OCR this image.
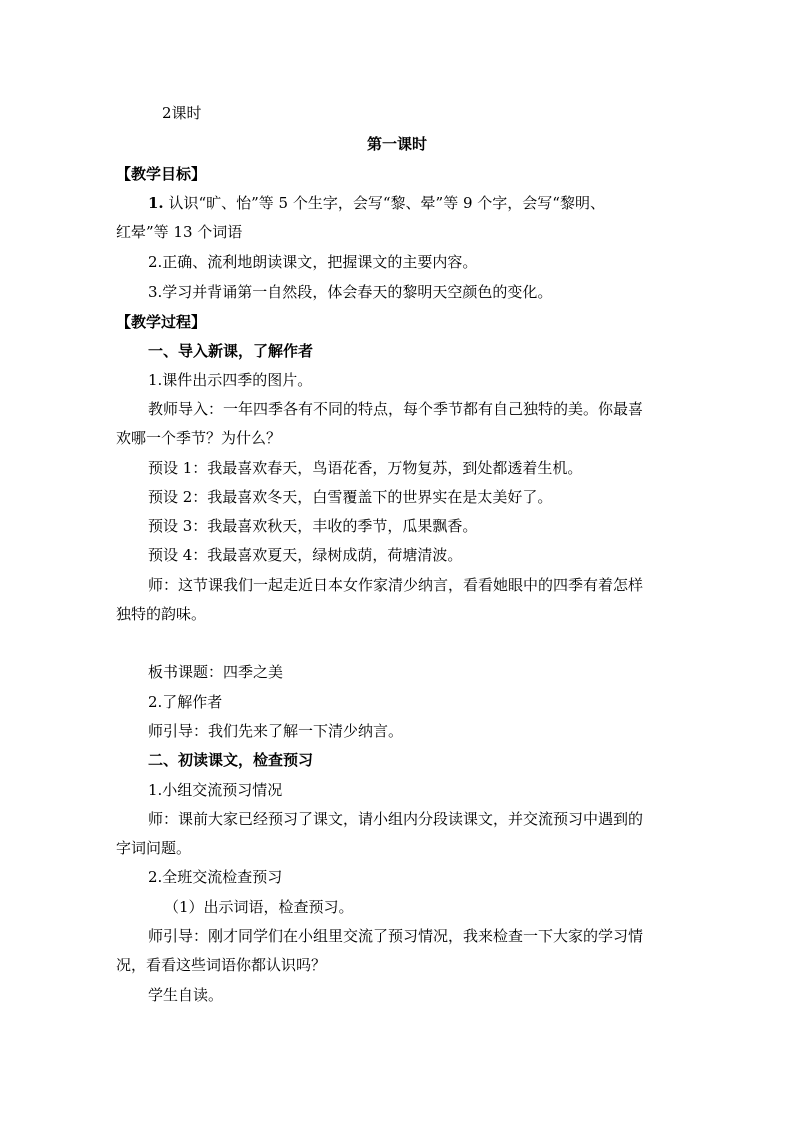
2课时
第一课时
【教学目标】
1. 认识“旷、怡”等 5 个生字，会写“黎、晕”等 9 个字，会写“黎明、
红晕”等 13 个词语
2.正确、流利地朗读课文，把握课文的主要内容。
3.学习并背诵第一自然段，体会春天的黎明天空颜色的变化。
【教学过程】
一、导入新课，了解作者
1.课件出示四季的图片。
教师导入：一年四季各有不同的特点，每个季节都有自己独特的美。你最喜
欢哪一个季节？为什么？
预设 1：我最喜欢春天，鸟语花香，万物复苏，到处都透着生机。
预设 2：我最喜欢冬天，白雪覆盖下的世界实在是太美好了。
预设 3：我最喜欢秋天，丰收的季节，瓜果飘香。
预设 4：我最喜欢夏天，绿树成荫，荷塘清波。
师：这节课我们一起走近日本女作家清少纳言，看看她眼中的四季有着怎样
独特的韵味。
板书课题：四季之美
2.了解作者
师引导：我们先来了解一下清少纳言。
二、初读课文，检查预习
1.小组交流预习情况
师：课前大家已经预习了课文，请小组内分段读课文，并交流预习中遇到的
字词问题。
2.全班交流检查预习
（1）出示词语，检查预习。
师引导：刚才同学们在小组里交流了预习情况，我来检查一下大家的学习情
况，看看这些词语你都认识吗？
学生自读。
